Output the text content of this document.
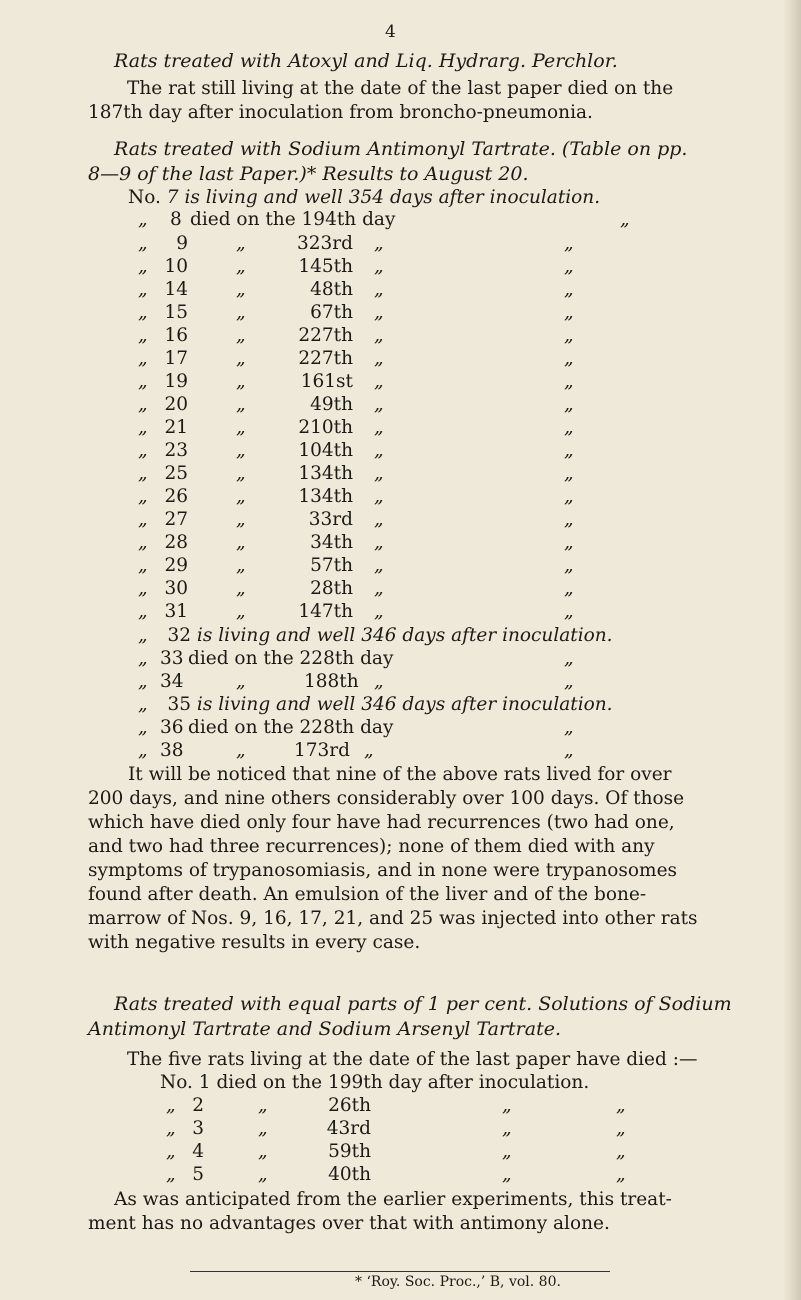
4
Rats treated with Atoxyl and Liq. Hydrarg. Perchlor.
The rat still living at the date of the last paper died on the
187th day after inoculation from broncho-pneumonia.
Rats treated with Sodium Antimonyl Tartrate. (Table on pp.
8—9 of the last Paper.)* Results to August 20.
No. 7 is living and well 354 days after inoculation.
„ 8 died on the 194th day	„
„ 9	„	323rd „	„
„ 10	„	145th „	„
„ 14	„	48th „	„
„ 15	„	67th „	„
„ 16	„	227th „	„
„ 17	„	227th „	„
„ 19	„	161st „	„
„ 20	„	49th „	„
„ 21	„	210th „	„
„ 23	„	104th „	„
„ 25	„	134th „	„
„ 26	„	134th „	„
„ 27	„	33rd „	„
„ 28	„	34th „	„
„ 29	„	57th „	„
„ 30	„	28th „	„
„ 31	„	147th „	„
„ 32 is living and well 346 days after inoculation.
„ 33 died on the 228th day	„
„ 34	„	188th „	„
„ 35 is living and well 346 days after inoculation.
„ 36 died on the 228th day	„
„ 38	„	173rd „	„
It will be noticed that nine of the above rats lived for over
200 days, and nine others considerably over 100 days. Of those
which have died only four have had recurrences (two had one,
and two had three recurrences); none of them died with any
symptoms of trypanosomiasis, and in none were trypanosomes
found after death. An emulsion of the liver and of the bone-
marrow of Nos. 9, 16, 17, 21, and 25 was injected into other rats
with negative results in every case.
Rats treated with equal parts of 1 per cent. Solutions of Sodium
Antimonyl Tartrate and Sodium Arsenyl Tartrate.
The five rats living at the date of the last paper have died :—
No. 1 died on the 199th day after inoculation.
„ 2	„	26th	„	„
„ 3	„	43rd	„	„
„ 4	„	59th	„	„
„ 5	„	40th	„	„
As was anticipated from the earlier experiments, this treat-
ment has no advantages over that with antimony alone.
* ‘Roy. Soc. Proc.,’ B, vol. 80.
